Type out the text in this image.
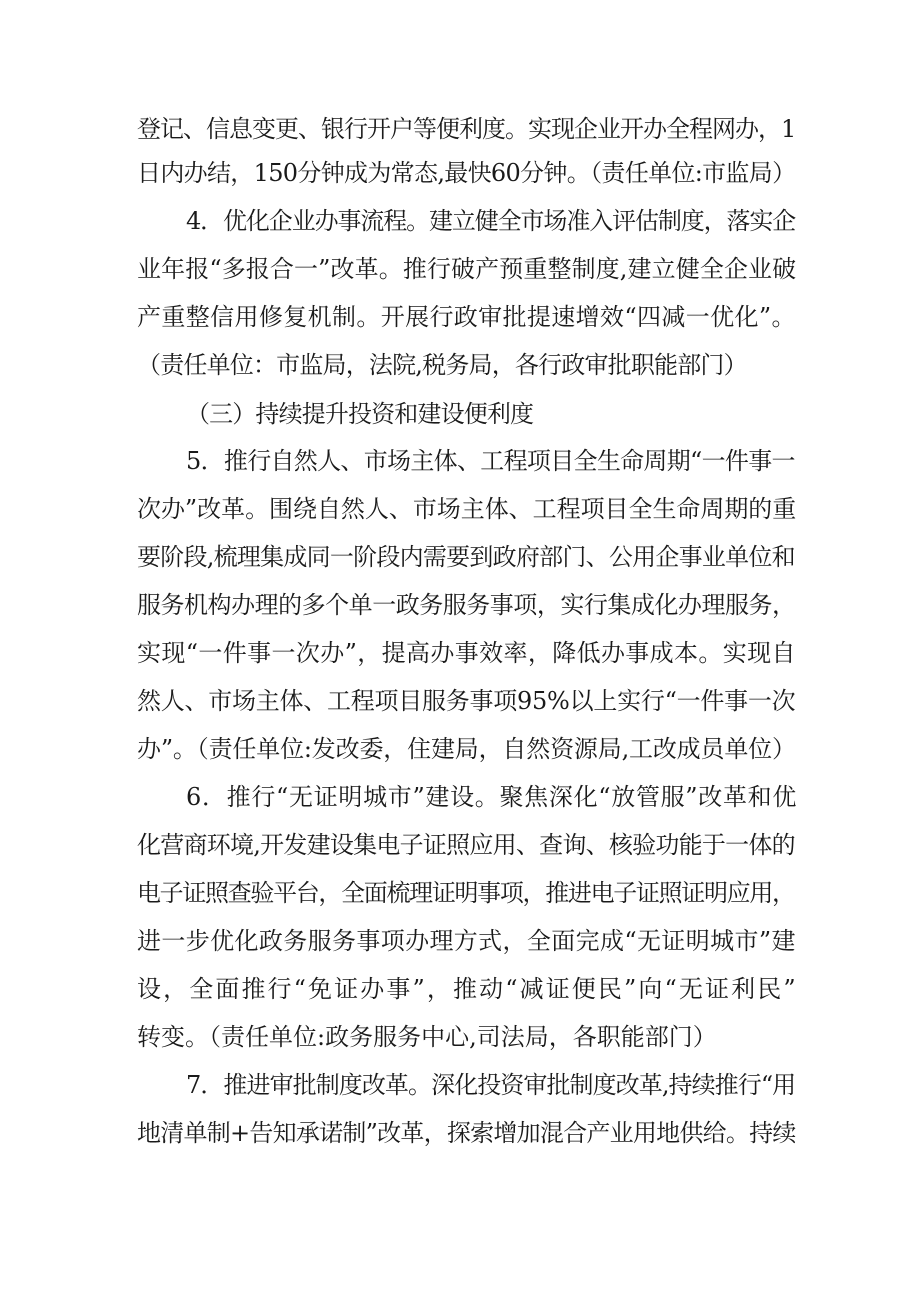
登记、信息变更、银行开户等便利度。实现企业开办全程网办，1
日内办结，150分钟成为常态,最快60分钟。（责任单位:市监局）
4．优化企业办事流程。建立健全市场准入评估制度，落实企
业年报“多报合一”改革。推行破产预重整制度,建立健全企业破
产重整信用修复机制。开展行政审批提速增效“四减一优化”。
（责任单位：市监局，法院,税务局，各行政审批职能部门）
（三）持续提升投资和建设便利度
5．推行自然人、市场主体、工程项目全生命周期“一件事一
次办”改革。围绕自然人、市场主体、工程项目全生命周期的重
要阶段,梳理集成同一阶段内需要到政府部门、公用企事业单位和
服务机构办理的多个单一政务服务事项，实行集成化办理服务，
实现“一件事一次办”，提高办事效率，降低办事成本。实现自
然人、市场主体、工程项目服务事项95%以上实行“一件事一次
办”。（责任单位:发改委，住建局，自然资源局,工改成员单位）
6．推行“无证明城市”建设。聚焦深化“放管服”改革和优
化营商环境,开发建设集电子证照应用、查询、核验功能于一体的
电子证照查验平台，全面梳理证明事项，推进电子证照证明应用，
进一步优化政务服务事项办理方式，全面完成“无证明城市”建
设，全面推行“免证办事”，推动“减证便民”向“无证利民”
转变。（责任单位:政务服务中心,司法局，各职能部门）
7．推进审批制度改革。深化投资审批制度改革,持续推行“用
地清单制+告知承诺制”改革，探索增加混合产业用地供给。持续
